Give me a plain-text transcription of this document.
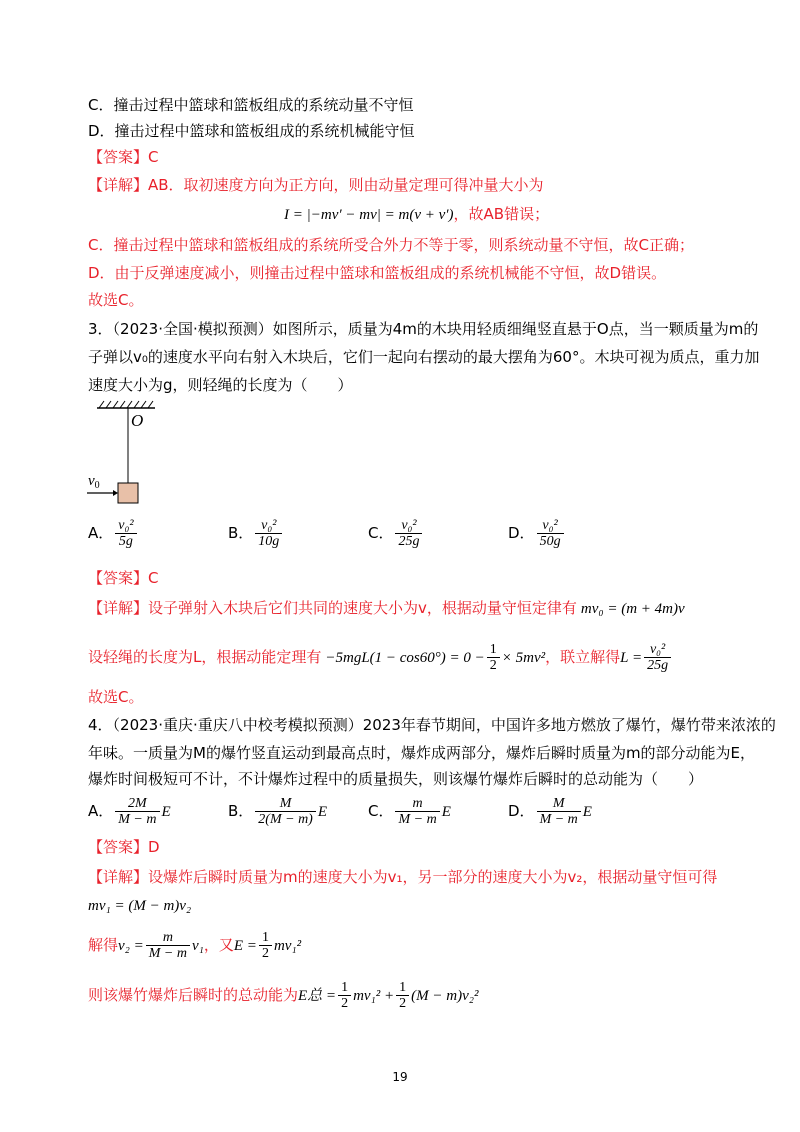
C．撞击过程中篮球和篮板组成的系统动量不守恒
D．撞击过程中篮球和篮板组成的系统机械能守恒
【答案】C
【详解】AB．取初速度方向为正方向，则由动量定理可得冲量大小为
I = |−mv′ − mv| = m(v + v′)，故AB错误；
C．撞击过程中篮球和篮板组成的系统所受合外力不等于零，则系统动量不守恒，故C正确；
D．由于反弹速度减小，则撞击过程中篮球和篮板组成的系统机械能不守恒，故D错误。
故选C。
3．（2023·全国·模拟预测）如图所示，质量为4m的木块用轻质细绳竖直悬于O点，当一颗质量为m的
子弹以v₀的速度水平向右射入木块后，它们一起向右摆动的最大摆角为60°。木块可视为质点，重力加
速度大小为g，则轻绳的长度为（　　）
O
$v_0$
A． $\frac{\text{v₀²}}{5g}$	B． $\frac{\text{v₀²}}{10g}$	C． $\frac{\text{v₀²}}{25g}$	D． $\frac{\text{v₀²}}{50g}$
【答案】C
【详解】设子弹射入木块后它们共同的速度大小为v，根据动量守恒定律有 mv₀ = (m + 4m)v
设轻绳的长度为L，根据动能定理有 $-5mgL(1 - \cos 60^\circ) = 0 - \frac{1}{2} \times 5mv^2$，联立解得$L = \frac{\text{v₀²}}{25g}$
故选C。
4．（2023·重庆·重庆八中校考模拟预测）2023年春节期间，中国许多地方燃放了爆竹，爆竹带来浓浓的
年味。一质量为M的爆竹竖直运动到最高点时，爆炸成两部分，爆炸后瞬时质量为m的部分动能为E，
爆炸时间极短可不计，不计爆炸过程中的质量损失，则该爆竹爆炸后瞬时的总动能为（　　）
A． $\frac{2M}{M - m}$ E	B． $\frac{M}{2(M - m)}$ E	C． $\frac{m}{M - m}$ E	D． $\frac{M}{M - m}$ E
【答案】D
【详解】设爆炸后瞬时质量为m的速度大小为v₁，另一部分的速度大小为v₂，根据动量守恒可得
mv₁ = (M − m)v₂
解得$v_2 = \frac{m}{M - m} v_1$，又$E = \frac{1}{2} mv_1^2$
则该爆竹爆炸后瞬时的总动能为E总 = $\frac{1}{2} mv_1^2 + \frac{1}{2} (M - m)v_2^2$
19
